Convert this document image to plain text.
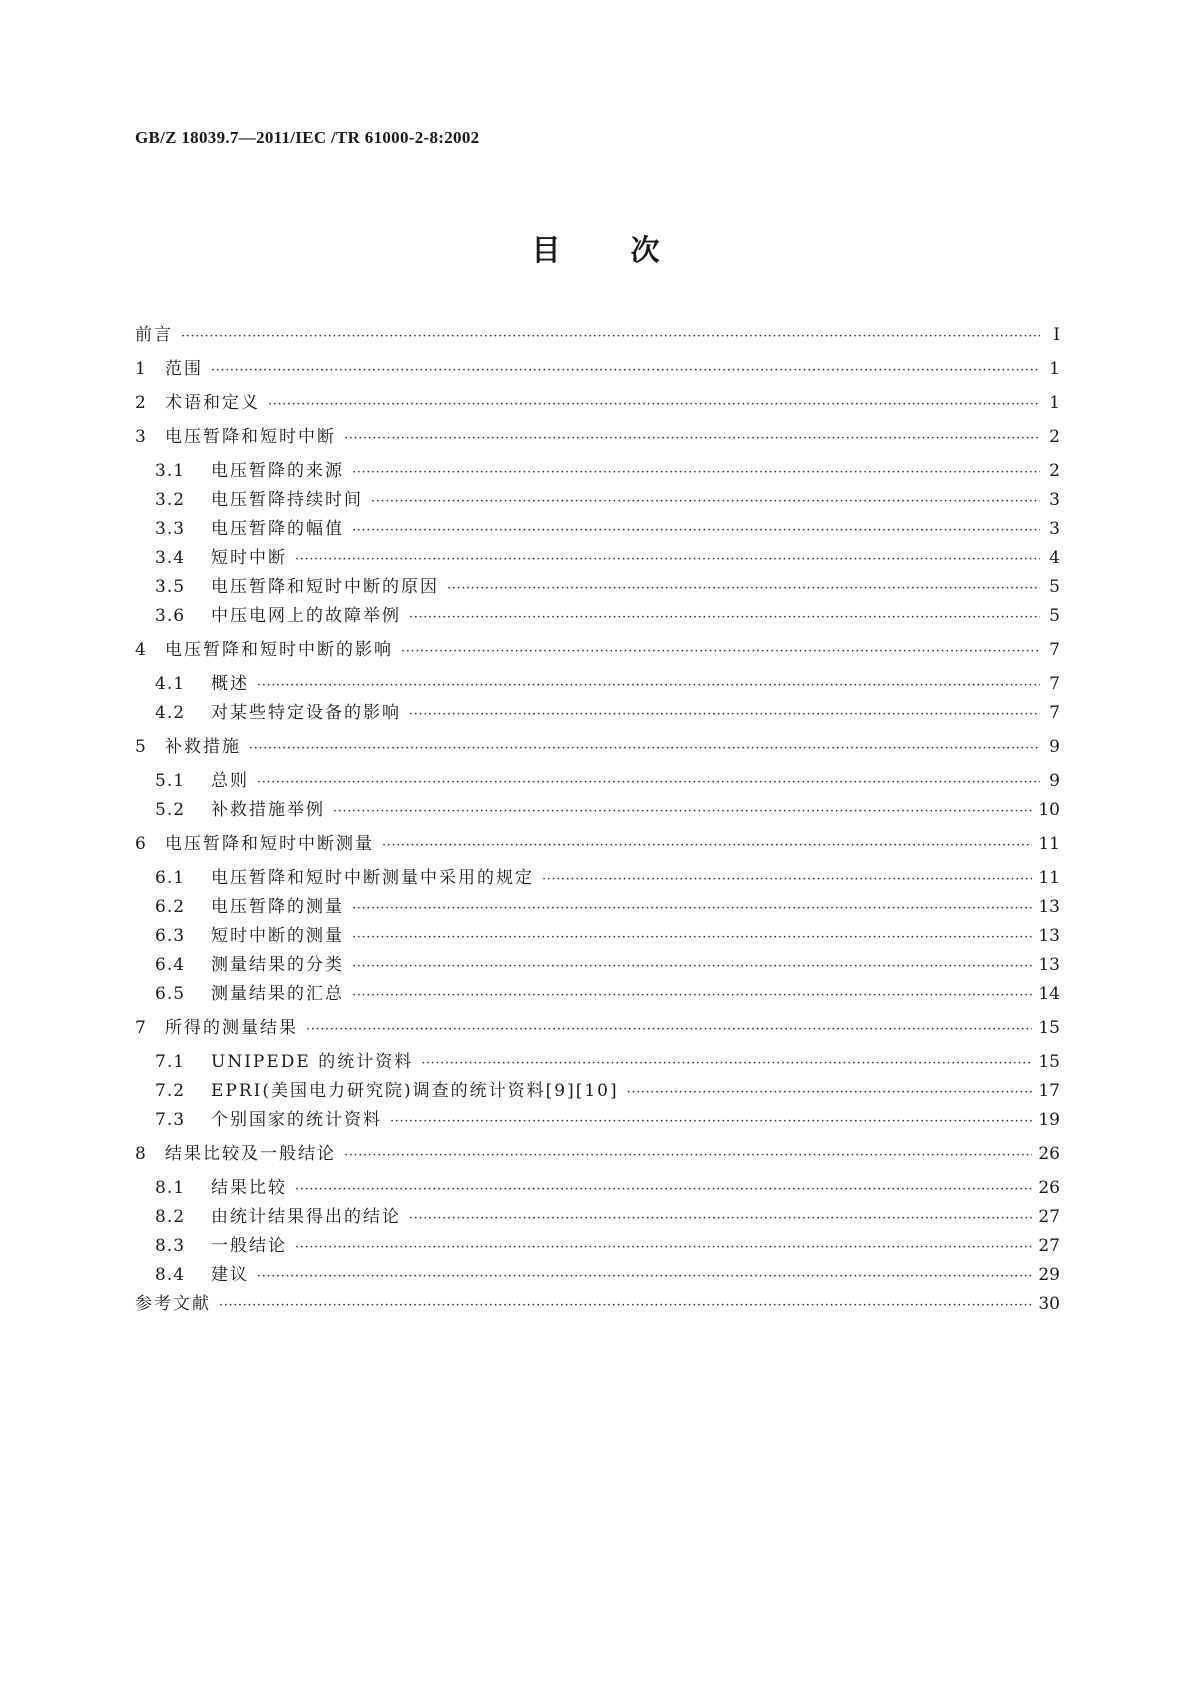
GB/Z 18039.7—2011/IEC /TR 61000-2-8:2002
目次
前言 ·····	Ⅰ
1	范围 ·····	1
2	术语和定义 ·····	1
3	电压暂降和短时中断 ·····	2
3.1	电压暂降的来源 ·····	2
3.2	电压暂降持续时间 ·····	3
3.3	电压暂降的幅值 ·····	3
3.4	短时中断 ·····	4
3.5	电压暂降和短时中断的原因 ·····	5
3.6	中压电网上的故障举例 ·····	5
4	电压暂降和短时中断的影响 ·····	7
4.1	概述 ·····	7
4.2	对某些特定设备的影响 ·····	7
5	补救措施 ·····	9
5.1	总则 ·····	9
5.2	补救措施举例 ·····	10
6	电压暂降和短时中断测量 ·····	11
6.1	电压暂降和短时中断测量中采用的规定 ·····	11
6.2	电压暂降的测量 ·····	13
6.3	短时中断的测量 ·····	13
6.4	测量结果的分类 ·····	13
6.5	测量结果的汇总 ·····	14
7	所得的测量结果 ·····	15
7.1	UNIPEDE 的统计资料 ·····	15
7.2	EPRI(美国电力研究院)调查的统计资料[9][10] ·····	17
7.3	个别国家的统计资料 ·····	19
8	结果比较及一般结论 ·····	26
8.1	结果比较 ·····	26
8.2	由统计结果得出的结论 ·····	27
8.3	一般结论 ·····	27
8.4	建议 ·····	29
参考文献 ·····	30
